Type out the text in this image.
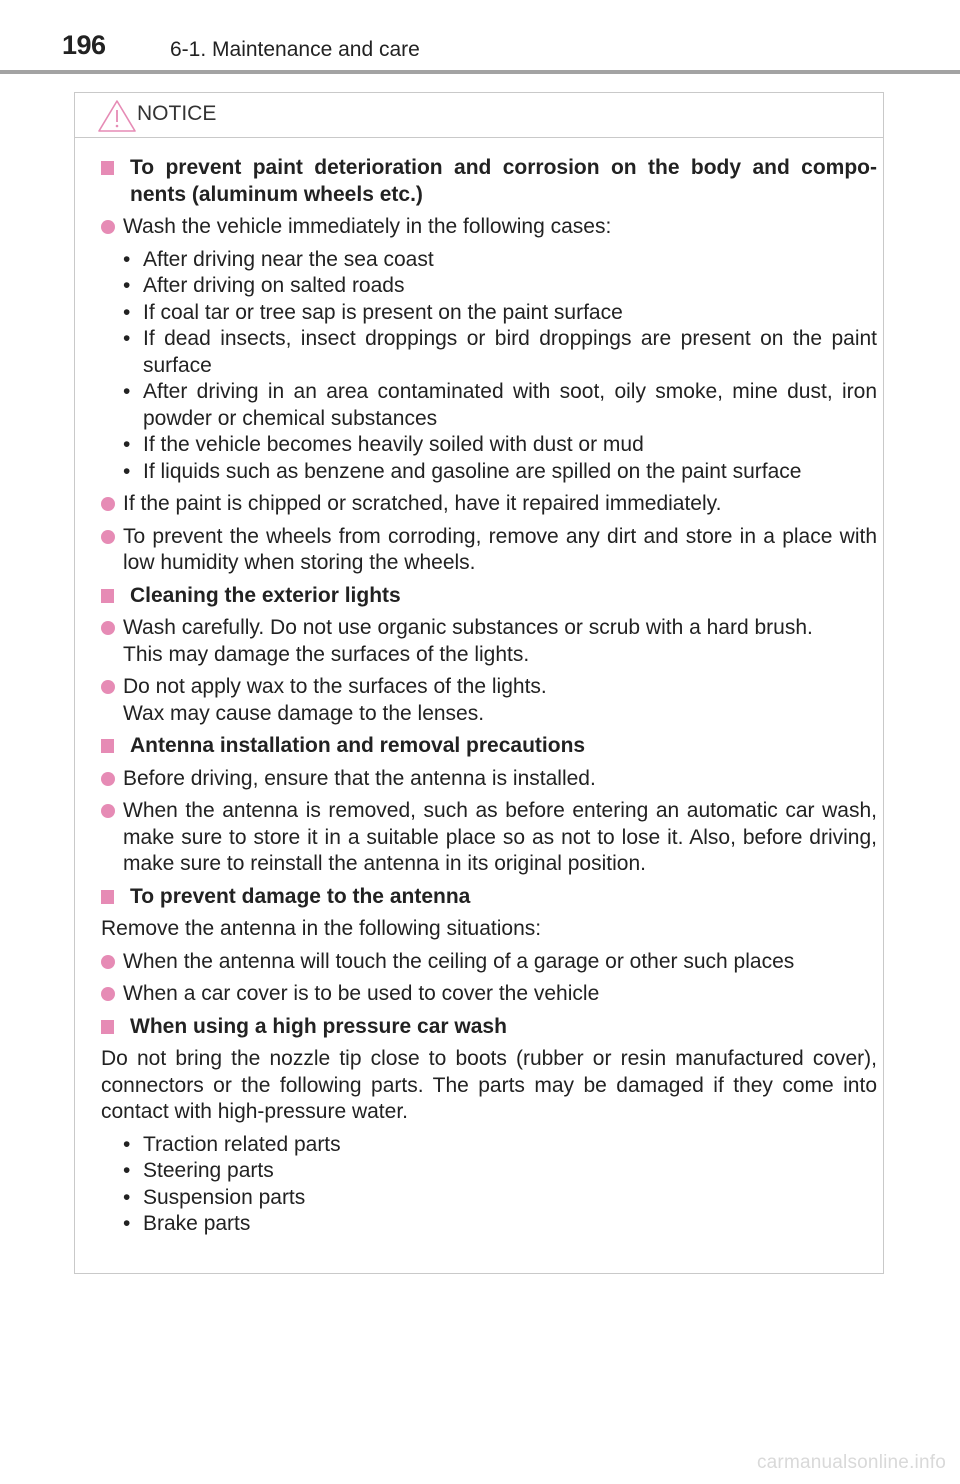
196	6-1. Maintenance and care
NOTICE
To prevent paint deterioration and corrosion on the body and compo-nents (aluminum wheels etc.)
Wash the vehicle immediately in the following cases:
• After driving near the sea coast
• After driving on salted roads
• If coal tar or tree sap is present on the paint surface
• If dead insects, insect droppings or bird droppings are present on the paint surface
• After driving in an area contaminated with soot, oily smoke, mine dust, iron powder or chemical substances
• If the vehicle becomes heavily soiled with dust or mud
• If liquids such as benzene and gasoline are spilled on the paint surface
If the paint is chipped or scratched, have it repaired immediately.
To prevent the wheels from corroding, remove any dirt and store in a place with low humidity when storing the wheels.
Cleaning the exterior lights
Wash carefully. Do not use organic substances or scrub with a hard brush.
This may damage the surfaces of the lights.
Do not apply wax to the surfaces of the lights.
Wax may cause damage to the lenses.
Antenna installation and removal precautions
Before driving, ensure that the antenna is installed.
When the antenna is removed, such as before entering an automatic car wash, make sure to store it in a suitable place so as not to lose it. Also, before driving, make sure to reinstall the antenna in its original position.
To prevent damage to the antenna
Remove the antenna in the following situations:
When the antenna will touch the ceiling of a garage or other such places
When a car cover is to be used to cover the vehicle
When using a high pressure car wash
Do not bring the nozzle tip close to boots (rubber or resin manufactured cover), connectors or the following parts. The parts may be damaged if they come into contact with high-pressure water.
• Traction related parts
• Steering parts
• Suspension parts
• Brake parts
carmanualsonline.info
